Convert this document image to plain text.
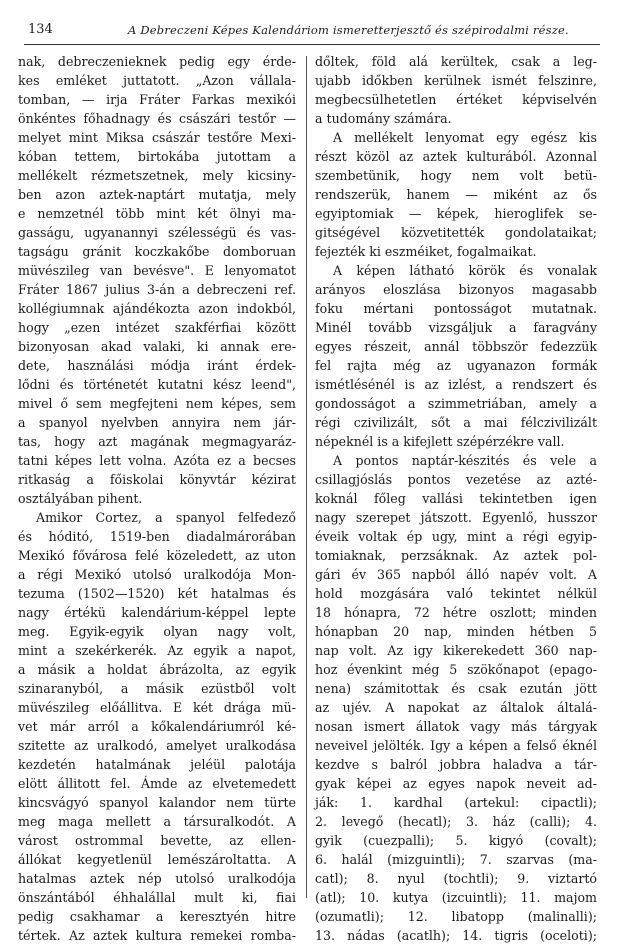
134	A Debreczeni Képes Kalendáriom ismeretterjesztő és szépirodalmi része.
nak, debreczenieknek pedig egy érde-
kes emléket juttatott. „Azon vállala-
tomban, — irja Fráter Farkas mexikói
önkéntes főhadnagy és császári testőr —
melyet mint Miksa császár testőre Mexi-
kóban tettem, birtokába jutottam a
mellékelt rézmetszetnek, mely kicsiny-
ben azon aztek-naptárt mutatja, mely
e nemzetnél több mint két ölnyi ma-
gasságu, ugyanannyi szélességü és vas-
tagságu gránit koczkakőbe domboruan
müvészileg van bevésve". E lenyomatot
Fráter 1867 julius 3-án a debreczeni ref.
kollégiumnak ajándékozta azon indokból,
hogy „ezen intézet szakférfiai között
bizonyosan akad valaki, ki annak ere-
dete, használási módja iránt érdek-
lődni és történetét kutatni kész leend",
mivel ő sem megfejteni nem képes, sem
a spanyol nyelvben annyira nem jár-
tas, hogy azt magának megmagyaráz-
tatni képes lett volna. Azóta ez a becses
ritkaság a főiskolai könyvtár kézirat
osztályában pihent.
Amikor Cortez, a spanyol felfedező
és hóditó, 1519-ben diadalmárorában
Mexikó fővárosa felé közeledett, az uton
a régi Mexikó utolsó uralkodója Mon-
tezuma (1502—1520) két hatalmas és
nagy értékü kalendárium-képpel lepte
meg. Egyik-egyik olyan nagy volt,
mint a szekérkerék. Az egyik a napot,
a másik a holdat ábrázolta, az egyik
szinaranyból, a másik ezüstből volt
müvészileg előállitva. E két drága mü-
vet már arról a kőkalendáriumról ké-
szitette az uralkodó, amelyet uralkodása
kezdetén hatalmának jeléül palotája
elött állitott fel. Ámde az elvetemedett
kincsvágyó spanyol kalandor nem türte
meg maga mellett a társuralkodót. A
várost ostrommal bevette, az ellen-
állókat kegyetlenül lemészároltatta. A
hatalmas aztek nép utolsó uralkodója
önszántából éhhalállal mult ki, fiai
pedig csakhamar a keresztyén hitre
tértek. Az aztek kultura remekei romba-
dőltek, föld alá kerültek, csak a leg-
ujabb időkben kerülnek ismét felszinre,
megbecsülhetetlen értéket képviselvén
a tudomány számára.
A mellékelt lenyomat egy egész kis
részt közöl az aztek kulturából. Azonnal
szembetünik, hogy nem volt betü-
rendszerük, hanem — miként az ős
egyiptomiak — képek, hieroglifek se-
gitségével közvetitették gondolataikat;
fejezték ki eszméiket, fogalmaikat.
A képen látható körök és vonalak
arányos eloszlása bizonyos magasabb
foku mértani pontosságot mutatnak.
Minél tovább vizsgáljuk a faragvány
egyes részeit, annál többször fedezzük
fel rajta még az ugyanazon formák
ismétlésénél is az izlést, a rendszert és
gondosságot a szimmetriában, amely a
régi czivilizált, sőt a mai félczivilizált
népeknél is a kifejlett szépérzékre vall.
A pontos naptár-készités és vele a
csillagjóslás pontos vezetése az azté-
koknál főleg vallási tekintetben igen
nagy szerepet játszott. Egyenlő, husszor
éveik voltak ép ugy, mint a régi egyip-
tomiaknak, perzsáknak. Az aztek pol-
gári év 365 napból álló napév volt. A
hold mozgására való tekintet nélkül
18 hónapra, 72 hétre oszlott; minden
hónapban 20 nap, minden hétben 5
nap volt. Az igy kikerekedett 360 nap-
hoz évenkint még 5 szökőnapot (epago-
nena) számitottak és csak ezután jött
az ujév. A napokat az általok általá-
nosan ismert állatok vagy más tárgyak
neveivel jelölték. Igy a képen a felső éknél
kezdve s balról jobbra haladva a tár-
gyak képei az egyes napok neveit ad-
ják: 1. kardhal (artekul: cipactli);
2. levegő (hecatl); 3. ház (calli); 4.
gyik (cuezpalli); 5. kigyó (covalt);
6. halál (mizguintli); 7. szarvas (ma-
catl); 8. nyul (tochtli); 9. viztartó
(atl); 10. kutya (izcuintli); 11. majom
(ozumatli); 12. libatopp (malinalli);
13. nádas (acatlh); 14. tigris (oceloti);
